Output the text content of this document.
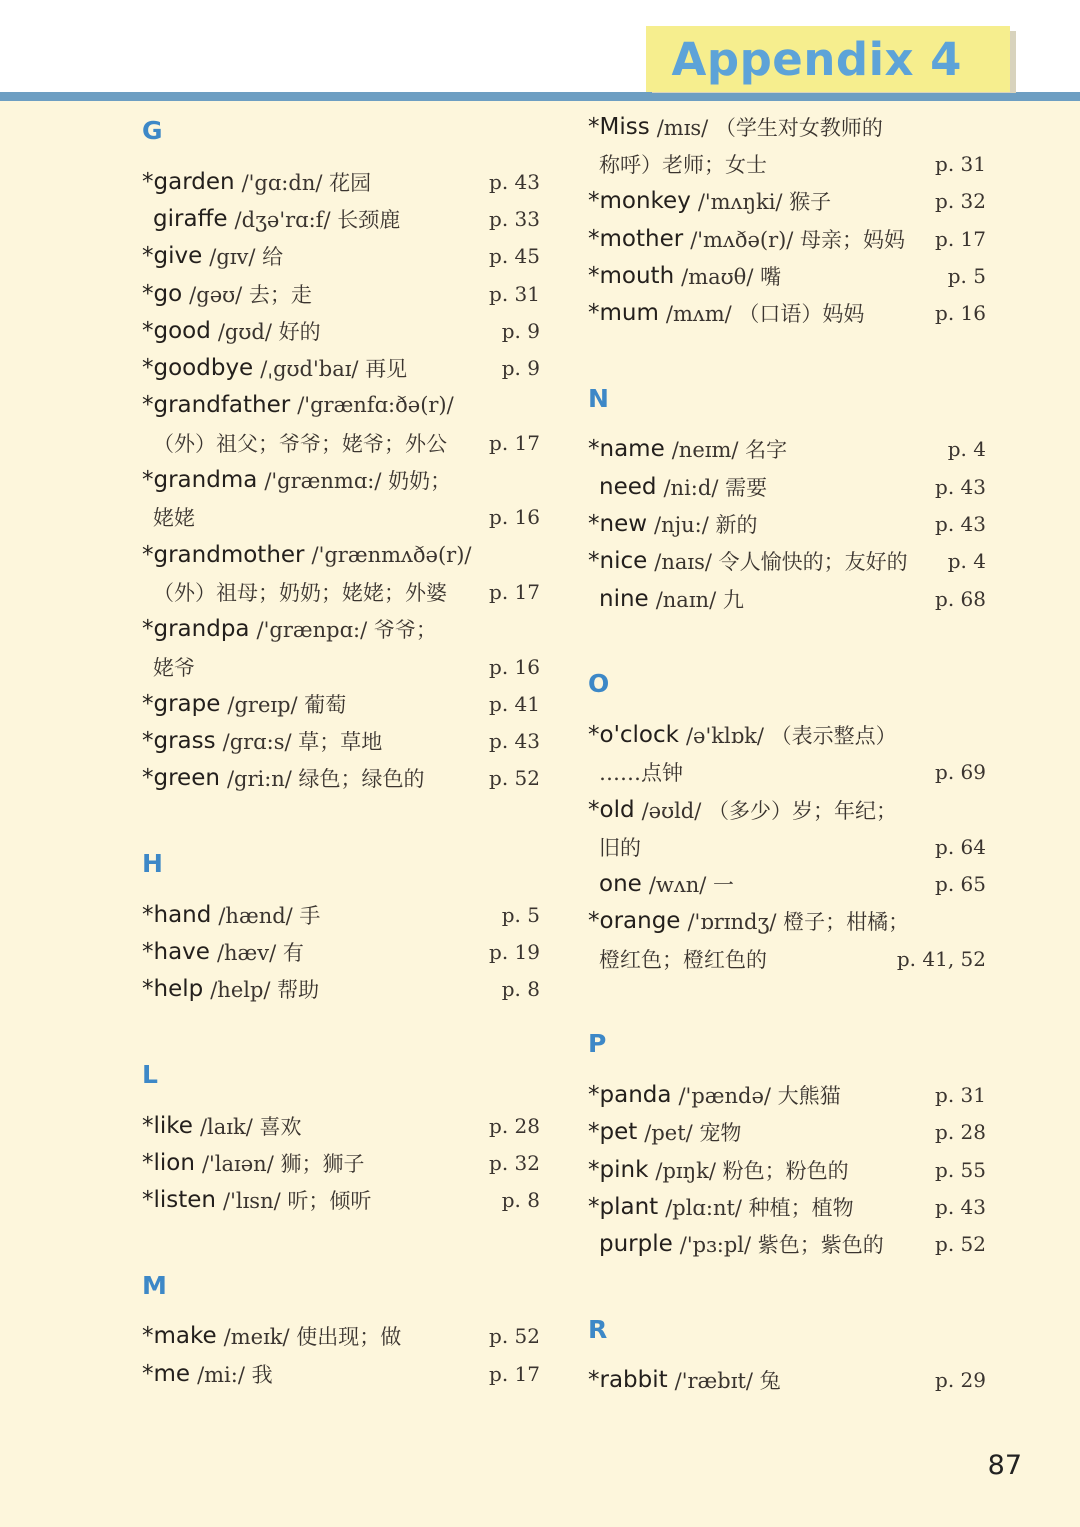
Appendix 4
G
*garden /'gɑ:dn/ 花园	p. 43
giraffe /dʒə'rɑ:f/ 长颈鹿	p. 33
*give /gɪv/ 给	p. 45
*go /gəʊ/ 去；走	p. 31
*good /gʊd/ 好的	p. 9
*goodbye /ˌgʊd'baɪ/ 再见	p. 9
*grandfather /'grænfɑ:ðə(r)/
（外）祖父；爷爷；姥爷；外公 p. 17
*grandma /'grænmɑ:/ 奶奶；
姥姥	p. 16
*grandmother /'grænmʌðə(r)/
（外）祖母；奶奶；姥姥；外婆 p. 17
*grandpa /'grænpɑ:/ 爷爷；
姥爷	p. 16
*grape /greɪp/ 葡萄	p. 41
*grass /grɑ:s/ 草；草地	p. 43
*green /gri:n/ 绿色；绿色的	p. 52
H
*hand /hænd/ 手	p. 5
*have /hæv/ 有	p. 19
*help /help/ 帮助	p. 8
L
*like /laɪk/ 喜欢	p. 28
*lion /'laɪən/ 狮；狮子	p. 32
*listen /'lɪsn/ 听；倾听	p. 8
M
*make /meɪk/ 使出现；做	p. 52
*me /mi:/ 我	p. 17
*Miss /mɪs/ （学生对女教师的
称呼）老师；女士	p. 31
*monkey /'mʌŋki/ 猴子	p. 32
*mother /'mʌðə(r)/ 母亲；妈妈 p. 17
*mouth /maʊθ/ 嘴	p. 5
*mum /mʌm/ （口语）妈妈	p. 16
N
*name /neɪm/ 名字	p. 4
need /ni:d/ 需要	p. 43
*new /nju:/ 新的	p. 43
*nice /naɪs/ 令人愉快的；友好的 p. 4
nine /naɪn/ 九	p. 68
O
*o'clock /ə'klɒk/ （表示整点）
……点钟	p. 69
*old /əʊld/ （多少）岁；年纪；
旧的	p. 64
one /wʌn/ 一	p. 65
*orange /'ɒrɪndʒ/ 橙子；柑橘；
橙红色；橙红色的	p. 41, 52
P
*panda /'pændə/ 大熊猫	p. 31
*pet /pet/ 宠物	p. 28
*pink /pɪŋk/ 粉色；粉色的	p. 55
*plant /plɑ:nt/ 种植；植物	p. 43
purple /'pɜ:pl/ 紫色；紫色的	p. 52
R
*rabbit /'ræbɪt/ 兔	p. 29
87
